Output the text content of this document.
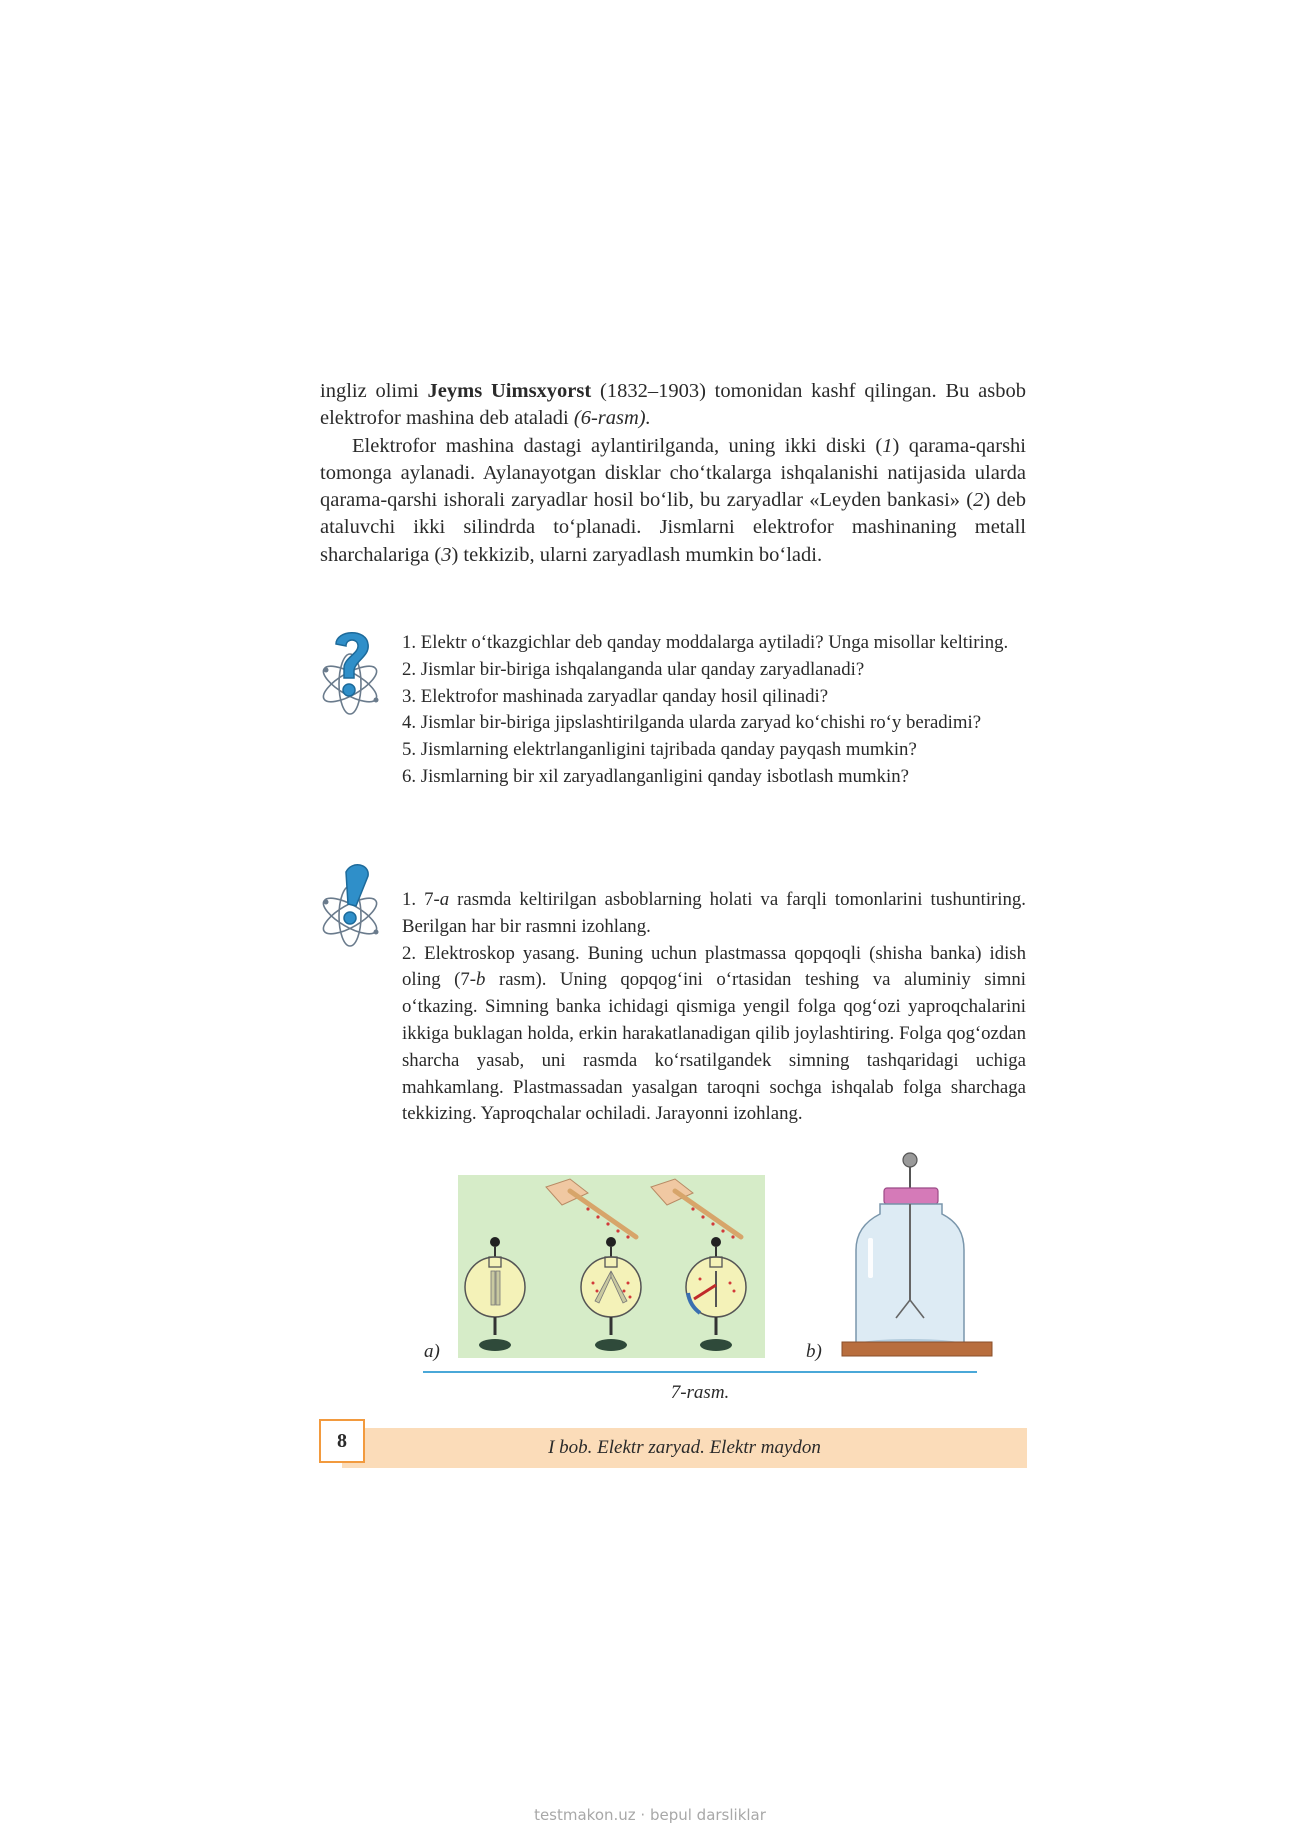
ingliz olimi Jeyms Uimsxyorst (1832–1903) tomonidan kashf qilingan. Bu asbob elektrofor mashina deb ataladi (6-rasm).

Elektrofor mashina dastagi aylantirilganda, uning ikki diski (1) qarama-qarshi tomonga aylanadi. Aylanayotgan disklar cho‘tkalarga ishqalanishi natijasida ularda qarama-qarshi ishorali zaryadlar hosil bo‘lib, bu zaryadlar «Leyden bankasi» (2) deb ataluvchi ikki silindrda to‘planadi. Jismlarni elektrofor mashinaning metall sharchalariga (3) tekkizib, ularni zaryadlash mumkin bo‘ladi.

1. Elektr o‘tkazgichlar deb qanday moddalarga aytiladi? Unga misollar keltiring.

2. Jismlar bir-biriga ishqalanganda ular qanday zaryadlanadi?

3. Elektrofor mashinada zaryadlar qanday hosil qilinadi?

4. Jismlar bir-biriga jipslashtirilganda ularda zaryad ko‘chishi ro‘y beradimi?

5. Jismlarning elektrlanganligini tajribada qanday payqash mumkin?

6. Jismlarning bir xil zaryadlanganligini qanday isbotlash mumkin?

1. 7-a rasmda keltirilgan asboblarning holati va farqli tomonlarini tushuntiring. Berilgan har bir rasmni izohlang.

2. Elektroskop yasang. Buning uchun plastmassa qopqoqli (shisha banka) idish oling (7-b rasm). Uning qopqog‘ini o‘rtasidan teshing va aluminiy simni o‘tkazing. Simning banka ichidagi qismiga yengil folga qog‘ozi yaproqchalarini ikkiga buklagan holda, erkin harakatlanadigan qilib joylashtiring. Folga qog‘ozdan sharcha yasab, uni rasmda ko‘rsatilgandek simning tashqaridagi uchiga mahkamlang. Plastmassadan yasalgan taroqni sochga ishqalab folga sharchaga tekkizing. Yaproqchalar ochiladi. Jarayonni izohlang.

a)	b)
7-rasm.
I bob. Elektr zaryad. Elektr maydon
8
testmakon.uz · bepul darsliklar
